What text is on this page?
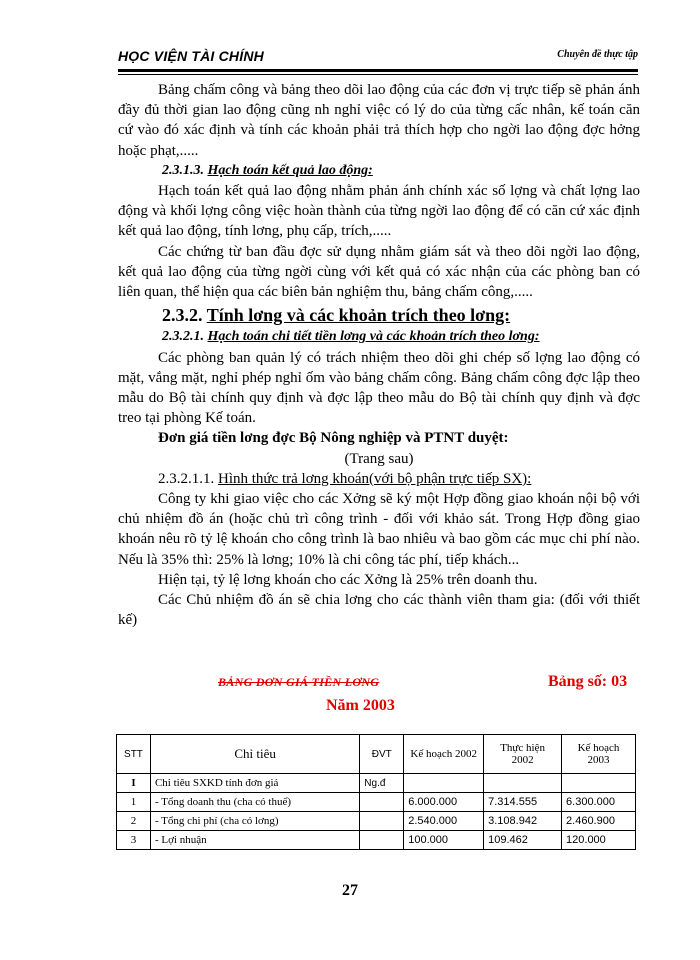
HỌC VIỆN TÀI CHÍNH	Chuyên đề thực tập

Bảng chấm công và bảng theo dõi lao động của các đơn vị trực tiếp sẽ phản ánh đầy đủ thời gian lao động cũng nh nghỉ việc có lý do của từng cấc nhân, kế toán căn cứ vào đó xác định và tính các khoản phải trả thích hợp cho ngời lao động đợc hởng hoặc phạt,.....

2.3.1.3. Hạch toán kết quả lao động:

Hạch toán kết quả lao động nhằm phản ánh chính xác số lợng và chất lợng lao động và khối lợng công việc hoàn thành của từng ngời lao động để có căn cứ xác định kết quả lao động, tính lơng, phụ cấp, trích,.....

Các chứng từ ban đầu đợc sử dụng nhằm giám sát và theo dõi ngời lao động, kết quả lao động của từng ngời cùng với kết quả có xác nhận của các phòng ban có liên quan, thể hiện qua các biên bản nghiệm thu, bảng chấm công,.....

2.3.2. Tính lơng và các khoản trích theo lơng:

2.3.2.1. Hạch toán chi tiết tiền lơng và các khoản trích theo lơng:

Các phòng ban quản lý có trách nhiệm theo dõi ghi chép số lợng lao động có mặt, vắng mặt, nghỉ phép nghỉ ốm vào bảng chấm công. Bảng chấm công đợc lập theo mẫu do Bộ tài chính quy định và đợc lập theo mẫu do Bộ tài chính quy định và đợc treo tại phòng Kế toán.

Đơn giá tiền lơng đợc Bộ Nông nghiệp và PTNT duyệt:

(Trang sau)

2.3.2.1.1. Hình thức trả lơng khoán(với bộ phận trực tiếp SX):

Công ty khi giao việc cho các Xởng sẽ ký một Hợp đồng giao khoán nội bộ với chủ nhiệm đồ án (hoặc chủ trì công trình - đối với khảo sát. Trong Hợp đồng giao khoán nêu rõ tỷ lệ khoán cho công trình là bao nhiêu và bao gồm các mục chi phí nào. Nếu là 35% thì: 25% là lơng; 10% là chi công tác phí, tiếp khách...

Hiện tại, tỷ lệ lơng khoán cho các Xởng là 25% trên doanh thu.

Các Chủ nhiệm đồ án sẽ chia lơng cho các thành viên tham gia: (đối với thiết kế)

BẢNG ĐƠN GIÁ TIỀN LƠNG	Bảng số: 03
Năm 2003
STT	Chỉ tiêu	ĐVT	Kế hoạch 2002	Thực hiện 2002	Kế hoạch 2003
I	Chỉ tiêu SXKD tính đơn giá	Ng.đ			
1	- Tổng doanh thu (cha có thuế)		6.000.000	7.314.555	6.300.000
2	- Tổng chi phí (cha có lơng)		2.540.000	3.108.942	2.460.900
3	- Lợi nhuận		100.000	109.462	120.000
27
